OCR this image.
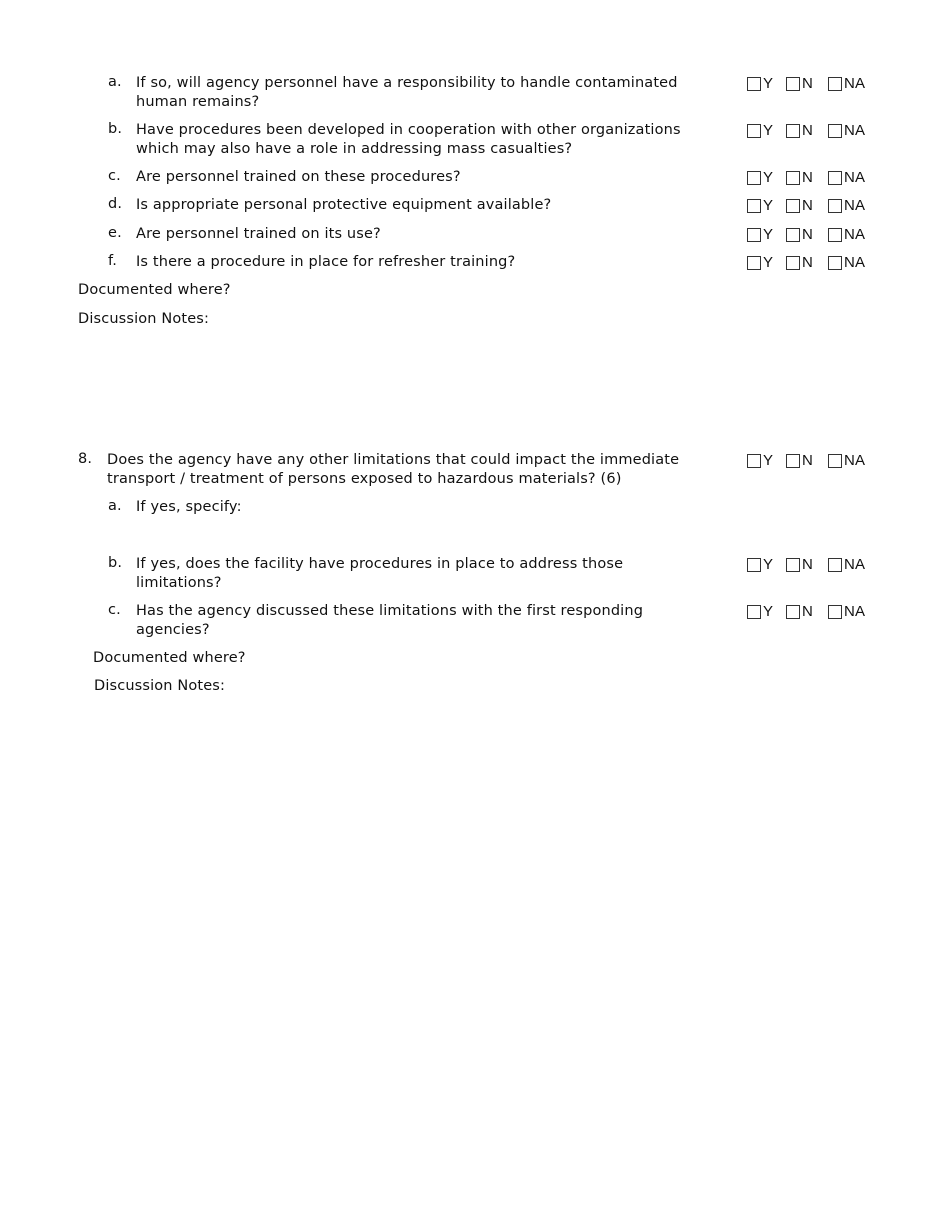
a. If so, will agency personnel have a responsibility to handle contaminated human remains?
Y N NA
b. Have procedures been developed in cooperation with other organizations which may also have a role in addressing mass casualties?
Y N NA
c. Are personnel trained on these procedures?	Y N NA
d. Is appropriate personal protective equipment available?	Y N NA
e. Are personnel trained on its use?	Y N NA
f. Is there a procedure in place for refresher training?	Y N NA
Documented where?
Discussion Notes:
8. Does the agency have any other limitations that could impact the immediate transport / treatment of persons exposed to hazardous materials? (6)
Y N NA
a. If yes, specify:
b. If yes, does the facility have procedures in place to address those limitations?
Y N NA
c. Has the agency discussed these limitations with the first responding agencies?
Y N NA
Documented where?
Discussion Notes:
